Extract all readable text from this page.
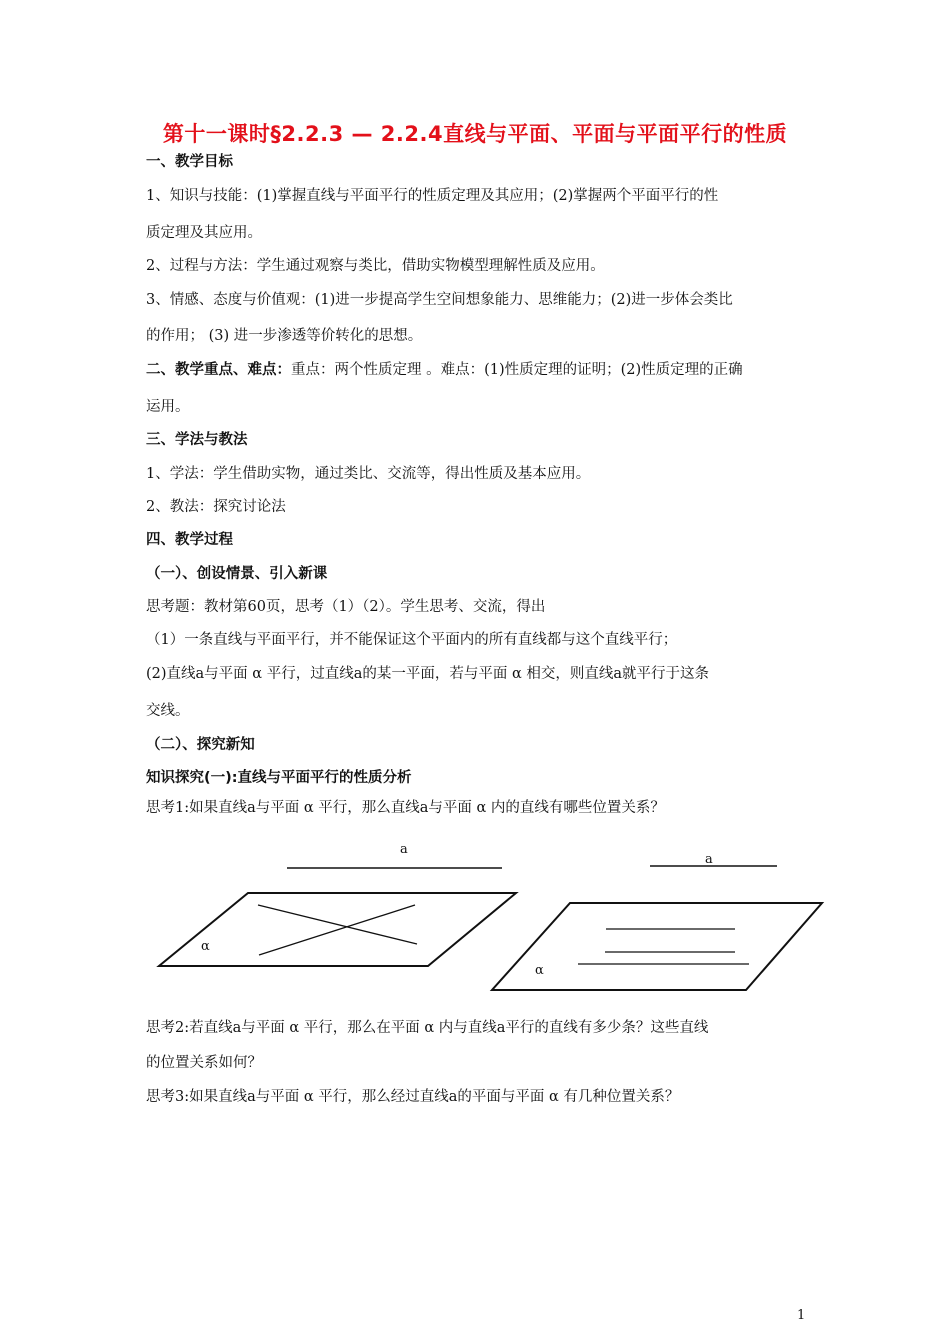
第十一课时§2.2.3 — 2.2.4直线与平面、平面与平面平行的性质
一、教学目标
1、知识与技能：(1)掌握直线与平面平行的性质定理及其应用；(2)掌握两个平面平行的性
质定理及其应用。
2、过程与方法：学生通过观察与类比，借助实物模型理解性质及应用。
3、情感、态度与价值观：(1)进一步提高学生空间想象能力、思维能力；(2)进一步体会类比
的作用； (3) 进一步渗透等价转化的思想。
二、教学重点、难点：重点：两个性质定理 。难点：(1)性质定理的证明；(2)性质定理的正确
运用。
三、学法与教法
1、学法：学生借助实物，通过类比、交流等，得出性质及基本应用。
2、教法：探究讨论法
四、教学过程
（一）、创设情景、引入新课
思考题：教材第60页，思考（1）（2）。学生思考、交流，得出
（1）一条直线与平面平行，并不能保证这个平面内的所有直线都与这个直线平行；
(2)直线a与平面 α 平行，过直线a的某一平面，若与平面 α 相交，则直线a就平行于这条
交线。
（二）、探究新知
知识探究(一):直线与平面平行的性质分析
思考1:如果直线a与平面 α 平行，那么直线a与平面 α 内的直线有哪些位置关系？
a
α
a
α
思考2:若直线a与平面 α 平行，那么在平面 α 内与直线a平行的直线有多少条？这些直线
的位置关系如何？
思考3:如果直线a与平面 α 平行，那么经过直线a的平面与平面 α 有几种位置关系？
1
